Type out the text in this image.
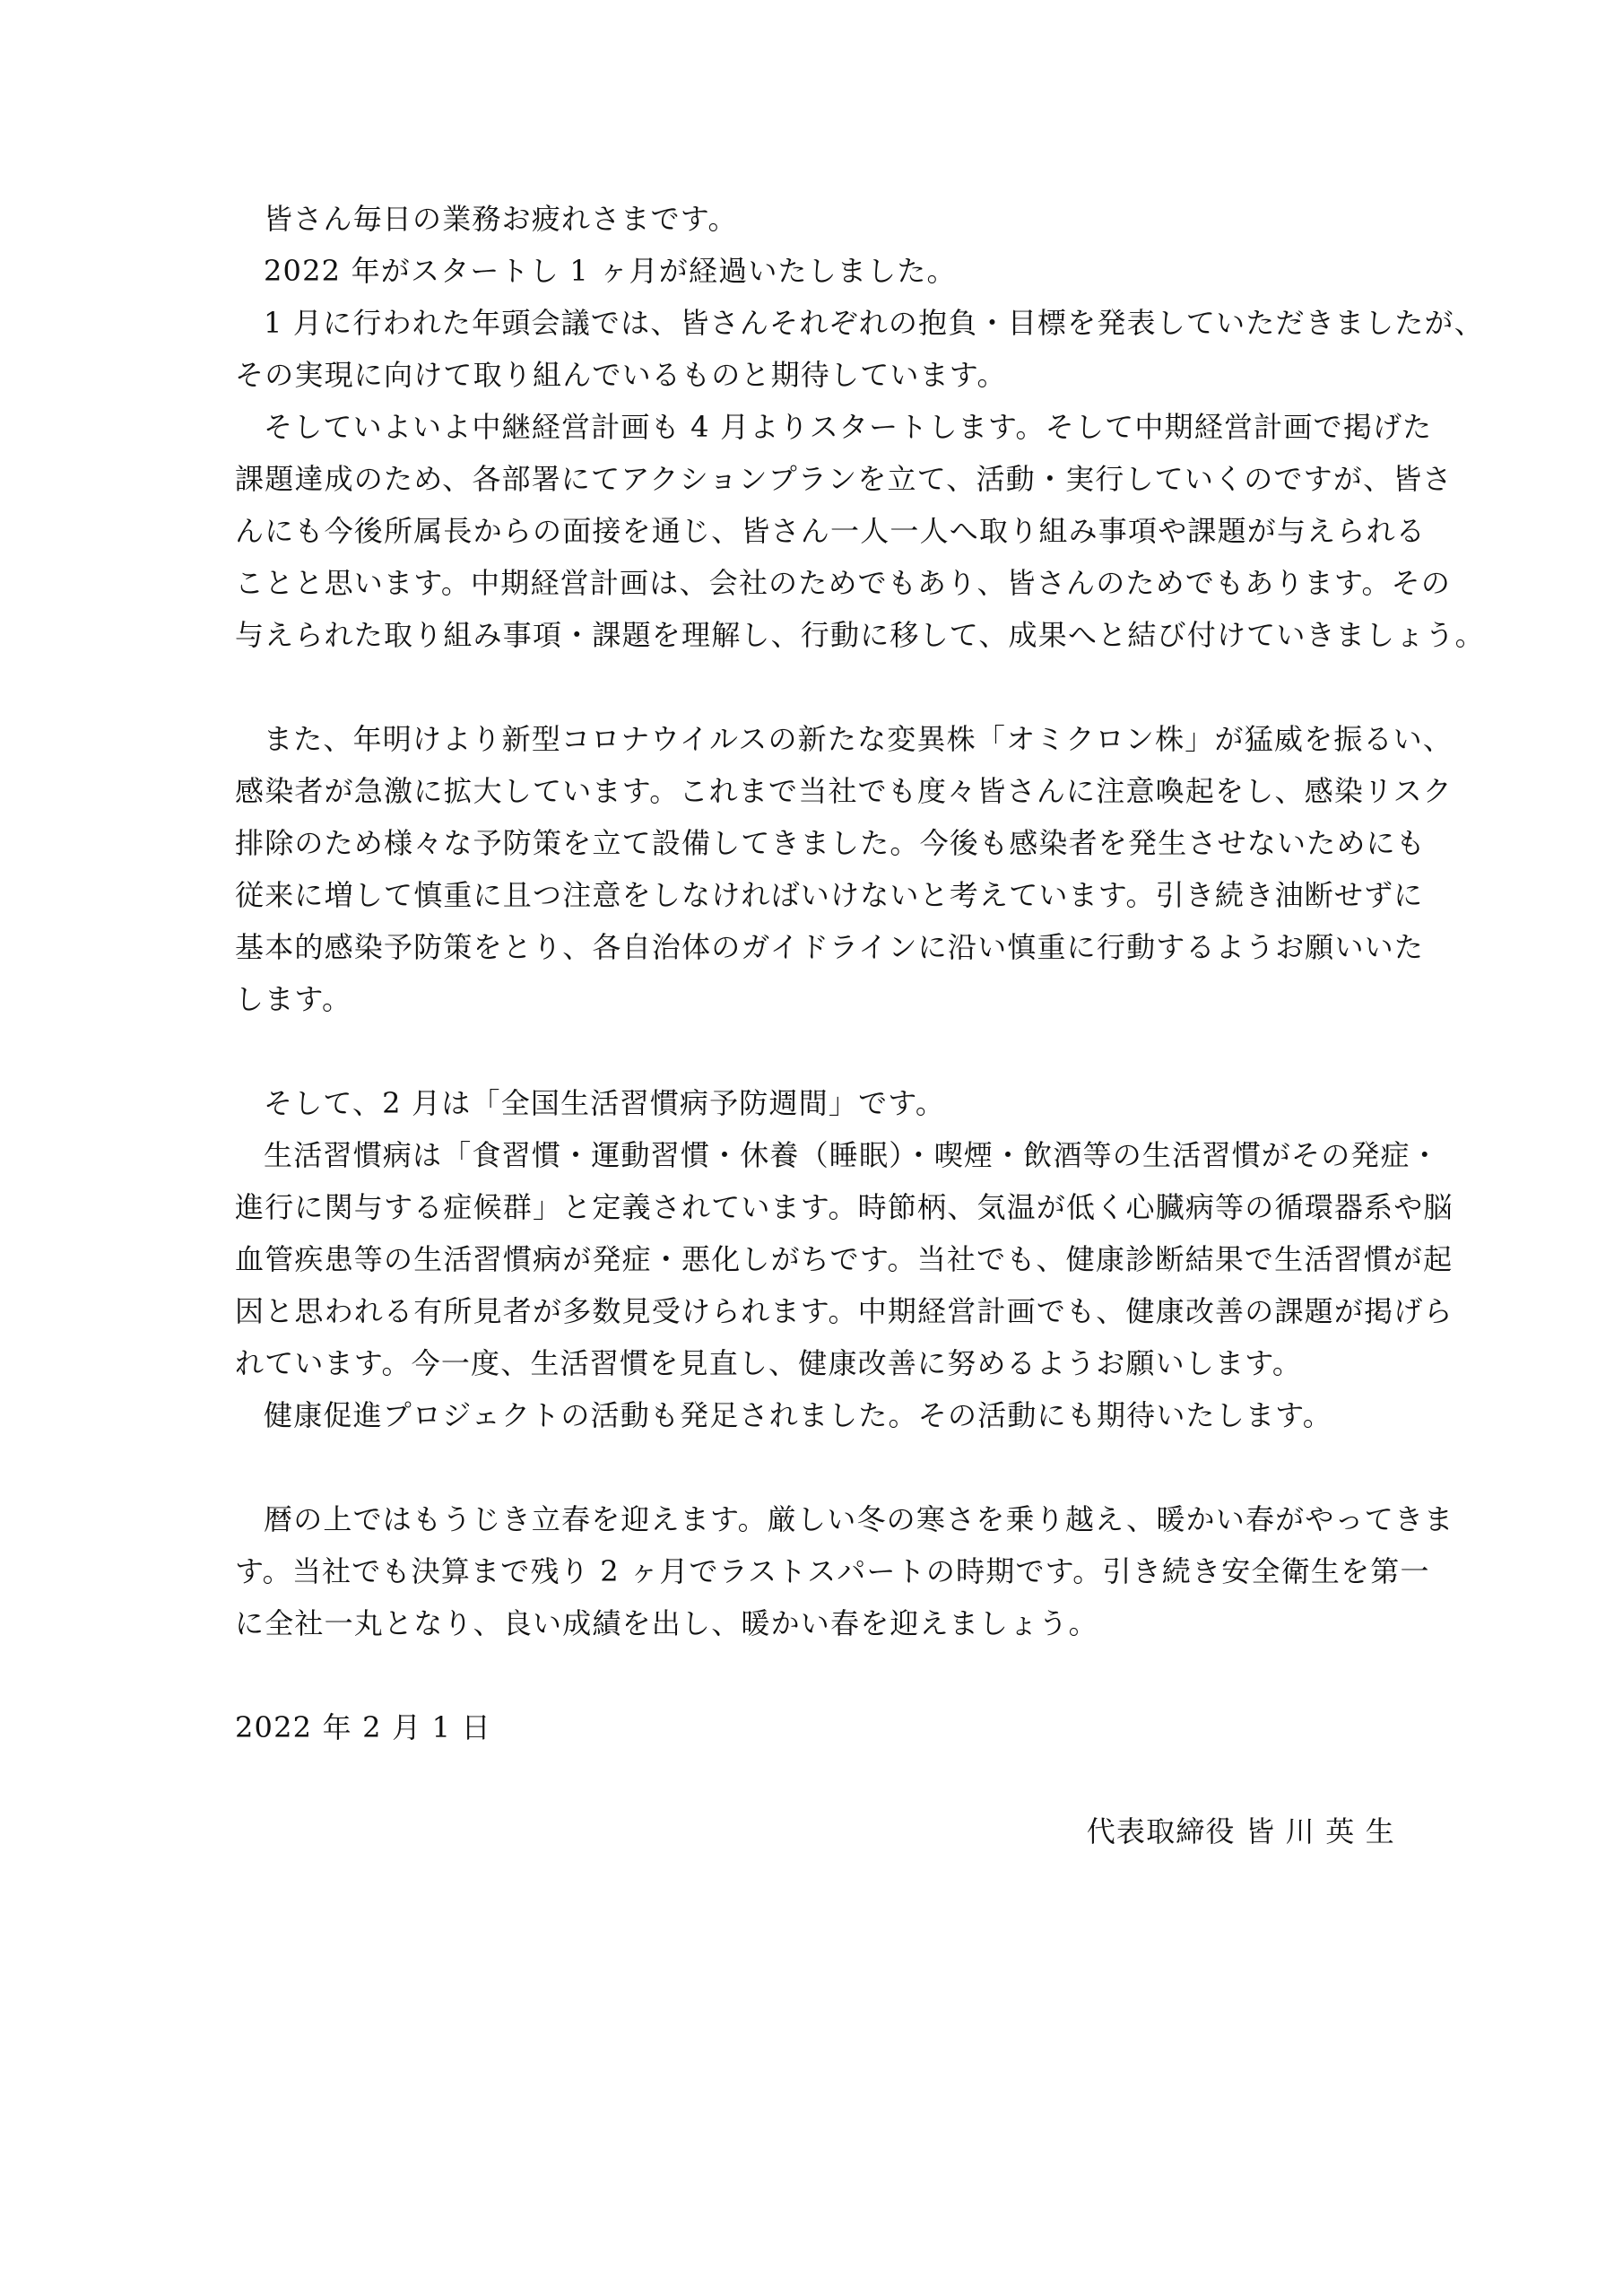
皆さん毎日の業務お疲れさまです。
2022 年がスタートし 1 ヶ月が経過いたしました。
1 月に行われた年頭会議では、皆さんそれぞれの抱負・目標を発表していただきましたが、
その実現に向けて取り組んでいるものと期待しています。
そしていよいよ中継経営計画も 4 月よりスタートします。そして中期経営計画で掲げた
課題達成のため、各部署にてアクションプランを立て、活動・実行していくのですが、皆さ
んにも今後所属長からの面接を通じ、皆さん一人一人へ取り組み事項や課題が与えられる
ことと思います。中期経営計画は、会社のためでもあり、皆さんのためでもあります。その
与えられた取り組み事項・課題を理解し、行動に移して、成果へと結び付けていきましょう。
また、年明けより新型コロナウイルスの新たな変異株「オミクロン株」が猛威を振るい、
感染者が急激に拡大しています。これまで当社でも度々皆さんに注意喚起をし、感染リスク
排除のため様々な予防策を立て設備してきました。今後も感染者を発生させないためにも
従来に増して慎重に且つ注意をしなければいけないと考えています。引き続き油断せずに
基本的感染予防策をとり、各自治体のガイドラインに沿い慎重に行動するようお願いいた
します。
そして、2 月は「全国生活習慣病予防週間」です。
生活習慣病は「食習慣・運動習慣・休養（睡眠）・喫煙・飲酒等の生活習慣がその発症・
進行に関与する症候群」と定義されています。時節柄、気温が低く心臓病等の循環器系や脳
血管疾患等の生活習慣病が発症・悪化しがちです。当社でも、健康診断結果で生活習慣が起
因と思われる有所見者が多数見受けられます。中期経営計画でも、健康改善の課題が掲げら
れています。今一度、生活習慣を見直し、健康改善に努めるようお願いします。
健康促進プロジェクトの活動も発足されました。その活動にも期待いたします。
暦の上ではもうじき立春を迎えます。厳しい冬の寒さを乗り越え、暖かい春がやってきま
す。当社でも決算まで残り 2 ヶ月でラストスパートの時期です。引き続き安全衛生を第一
に全社一丸となり、良い成績を出し、暖かい春を迎えましょう。
2022 年 2 月 1 日
代表取締役 皆 川 英 生
